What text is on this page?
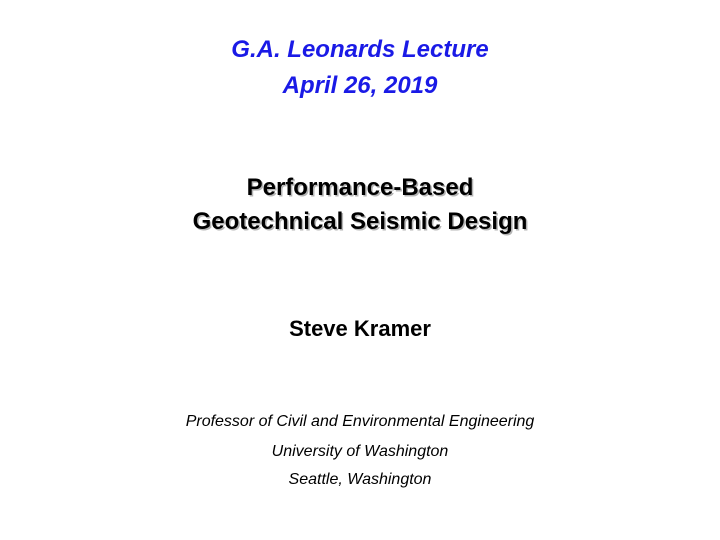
G.A. Leonards Lecture
April 26, 2019
Performance-Based
Geotechnical Seismic Design
Steve Kramer
Professor of Civil and Environmental Engineering
University of Washington
Seattle, Washington
